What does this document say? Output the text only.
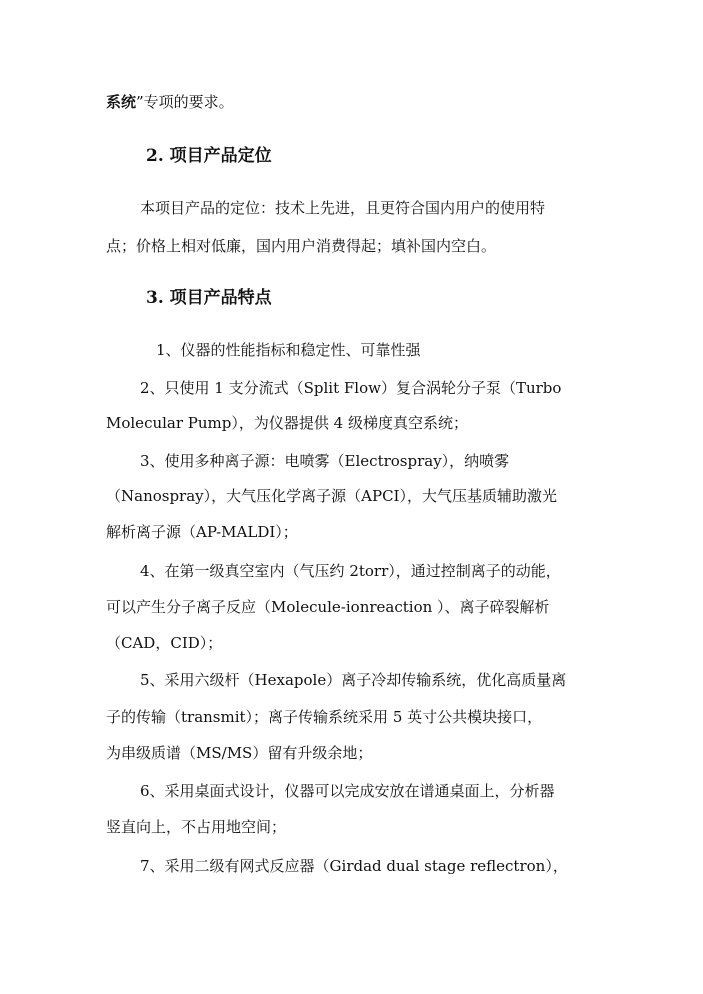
系统”专项的要求。
2. 项目产品定位
本项目产品的定位：技术上先进，且更符合国内用户的使用特
点；价格上相对低廉，国内用户消费得起；填补国内空白。
3. 项目产品特点
1、仪器的性能指标和稳定性、可靠性强
2、只使用 1 支分流式（Split Flow）复合涡轮分子泵（Turbo
Molecular Pump），为仪器提供 4 级梯度真空系统；
3、使用多种离子源：电喷雾（Electrospray），纳喷雾
（Nanospray），大气压化学离子源（APCI），大气压基质辅助激光
解析离子源（AP-MALDI）；
4、在第一级真空室内（气压约 2torr），通过控制离子的动能，
可以产生分子离子反应（Molecule-ionreaction ）、离子碎裂解析
（CAD，CID）；
5、采用六级杆（Hexapole）离子冷却传输系统，优化高质量离
子的传输（transmit）；离子传输系统采用 5 英寸公共模块接口，
为串级质谱（MS/MS）留有升级余地；
6、采用桌面式设计，仪器可以完成安放在谱通桌面上，分析器
竖直向上，不占用地空间；
7、采用二级有网式反应器（Girdad dual stage reflectron），
